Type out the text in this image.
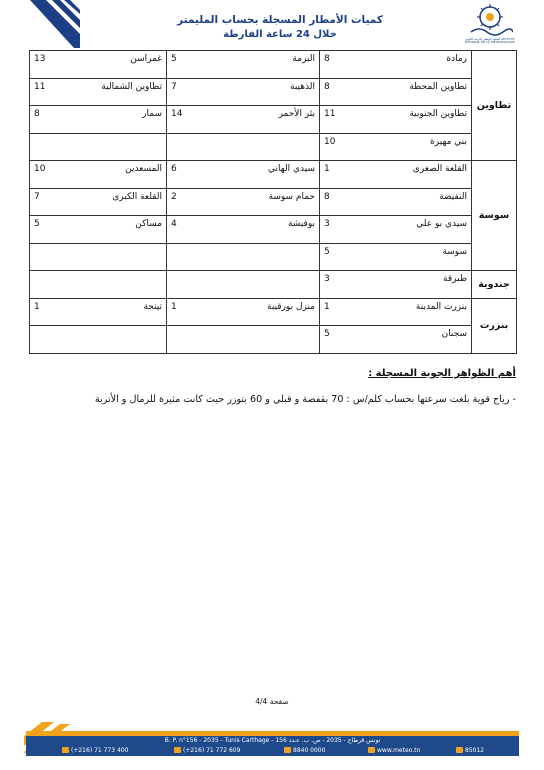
كميات الأمطار المسجلة بحساب المليمتر
خلال 24 ساعة الفارطة	المعهد الوطني للرصد الجوي INSTITUT NATIONAL DE LA METEOROLOGIE
تطاوين	رمادة	8	البرمة	5	غمراسن	13
	تطاوين المحطة	8	الذهيبة	7	تطاوين الشمالية	11
	تطاوين الجنوبية	11	بئر الأحمر	14	سمار	8
	بني مهيرة	10				
سوسة	القلعة الصغرى	1	سيدي الهاني	6	المسعدين	10
	النفيضة	8	حمام سوسة	2	القلعة الكبرى	7
	سيدي بو علي	3	بوفيشة	4	مساكن	5
	سوسة	5				
جندوبة	طبرقة	3				
بنزرت	بنزرت المدينة	1	منزل بورقيبة	1	تينجة	1
	سجنان	5				
أهم الظواهر الجوية المسجلة :
- رياح قوية بلغت سرعتها بحساب كلم/س : 70 بقفصة و قبلي و 60 بتوزر حيث كانت مثيرة للرمال و الأتربة
صفحة 4/4
B. P. n°156 - 2035 - Tunis Carthage - تونس قرطاج - 2035 - ص. ب. عـدد 156
(+216) 71 773 400	(+216) 71 772 609	8840 0000	www.meteo.tn	85012
